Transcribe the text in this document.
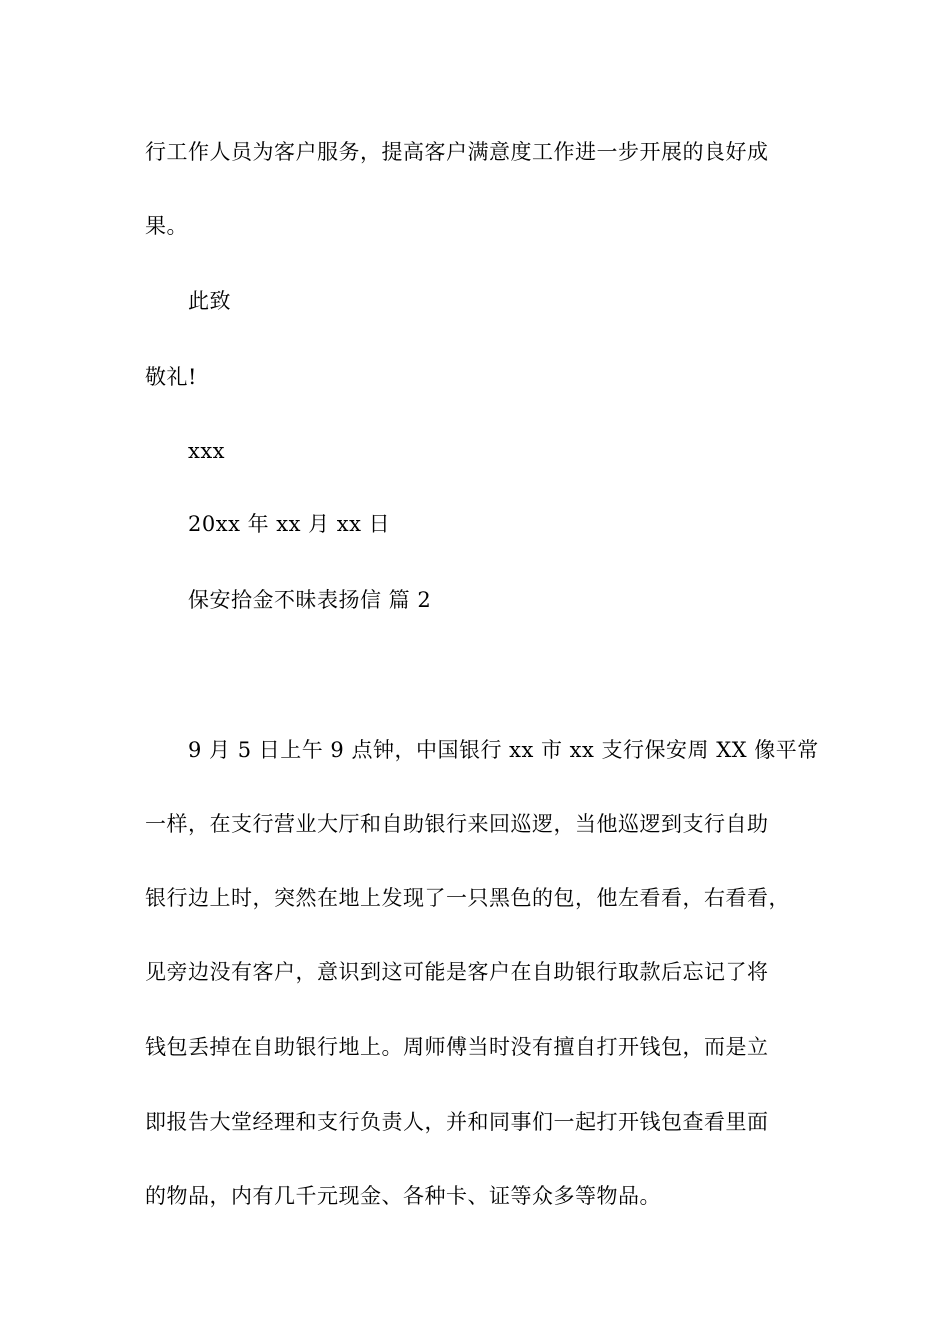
行工作人员为客户服务，提高客户满意度工作进一步开展的良好成
果。
此致
敬礼!
xxx
20xx 年 xx 月 xx 日
保安拾金不昧表扬信 篇 2
9 月 5 日上午 9 点钟，中国银行 xx 市 xx 支行保安周 XX 像平常
一样，在支行营业大厅和自助银行来回巡逻，当他巡逻到支行自助
银行边上时，突然在地上发现了一只黑色的包，他左看看，右看看，
见旁边没有客户，意识到这可能是客户在自助银行取款后忘记了将
钱包丢掉在自助银行地上。周师傅当时没有擅自打开钱包，而是立
即报告大堂经理和支行负责人，并和同事们一起打开钱包查看里面
的物品，内有几千元现金、各种卡、证等众多等物品。
